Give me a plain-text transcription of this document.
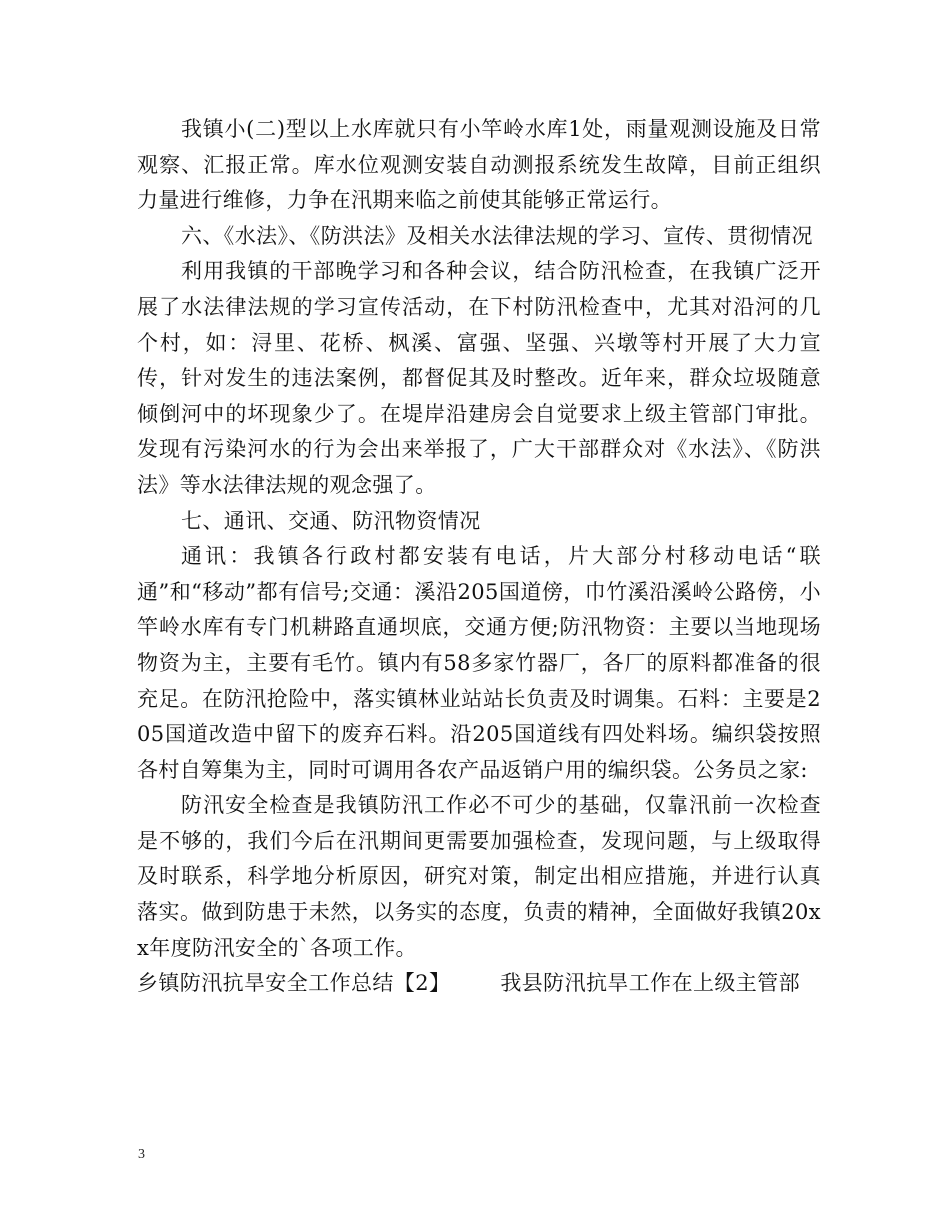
我镇小(二)型以上水库就只有小竿岭水库1处，雨量观测设施及日常观察、汇报正常。库水位观测安装自动测报系统发生故障，目前正组织力量进行维修，力争在汛期来临之前使其能够正常运行。

六、《水法》、《防洪法》及相关水法律法规的学习、宣传、贯彻情况

利用我镇的干部晚学习和各种会议，结合防汛检查，在我镇广泛开展了水法律法规的学习宣传活动，在下村防汛检查中，尤其对沿河的几个村，如：浔里、花桥、枫溪、富强、坚强、兴墩等村开展了大力宣传，针对发生的违法案例，都督促其及时整改。近年来，群众垃圾随意倾倒河中的坏现象少了。在堤岸沿建房会自觉要求上级主管部门审批。发现有污染河水的行为会出来举报了，广大干部群众对《水法》、《防洪法》等水法律法规的观念强了。

七、通讯、交通、防汛物资情况

通讯：我镇各行政村都安装有电话，片大部分村移动电话“联通”和“移动”都有信号;交通：溪沿205国道傍，巾竹溪沿溪岭公路傍，小竿岭水库有专门机耕路直通坝底，交通方便;防汛物资：主要以当地现场物资为主，主要有毛竹。镇内有58多家竹器厂，各厂的原料都准备的很充足。在防汛抢险中，落实镇林业站站长负责及时调集。石料：主要是205国道改造中留下的废弃石料。沿205国道线有四处料场。编织袋按照各村自筹集为主，同时可调用各农产品返销户用的编织袋。公务员之家:

防汛安全检查是我镇防汛工作必不可少的基础，仅靠汛前一次检查是不够的，我们今后在汛期间更需要加强检查，发现问题，与上级取得及时联系，科学地分析原因，研究对策，制定出相应措施，并进行认真落实。做到防患于未然，以务实的态度，负责的精神，全面做好我镇20xx年度防汛安全的`各项工作。

乡镇防汛抗旱安全工作总结【2】 我县防汛抗旱工作在上级主管部

3
